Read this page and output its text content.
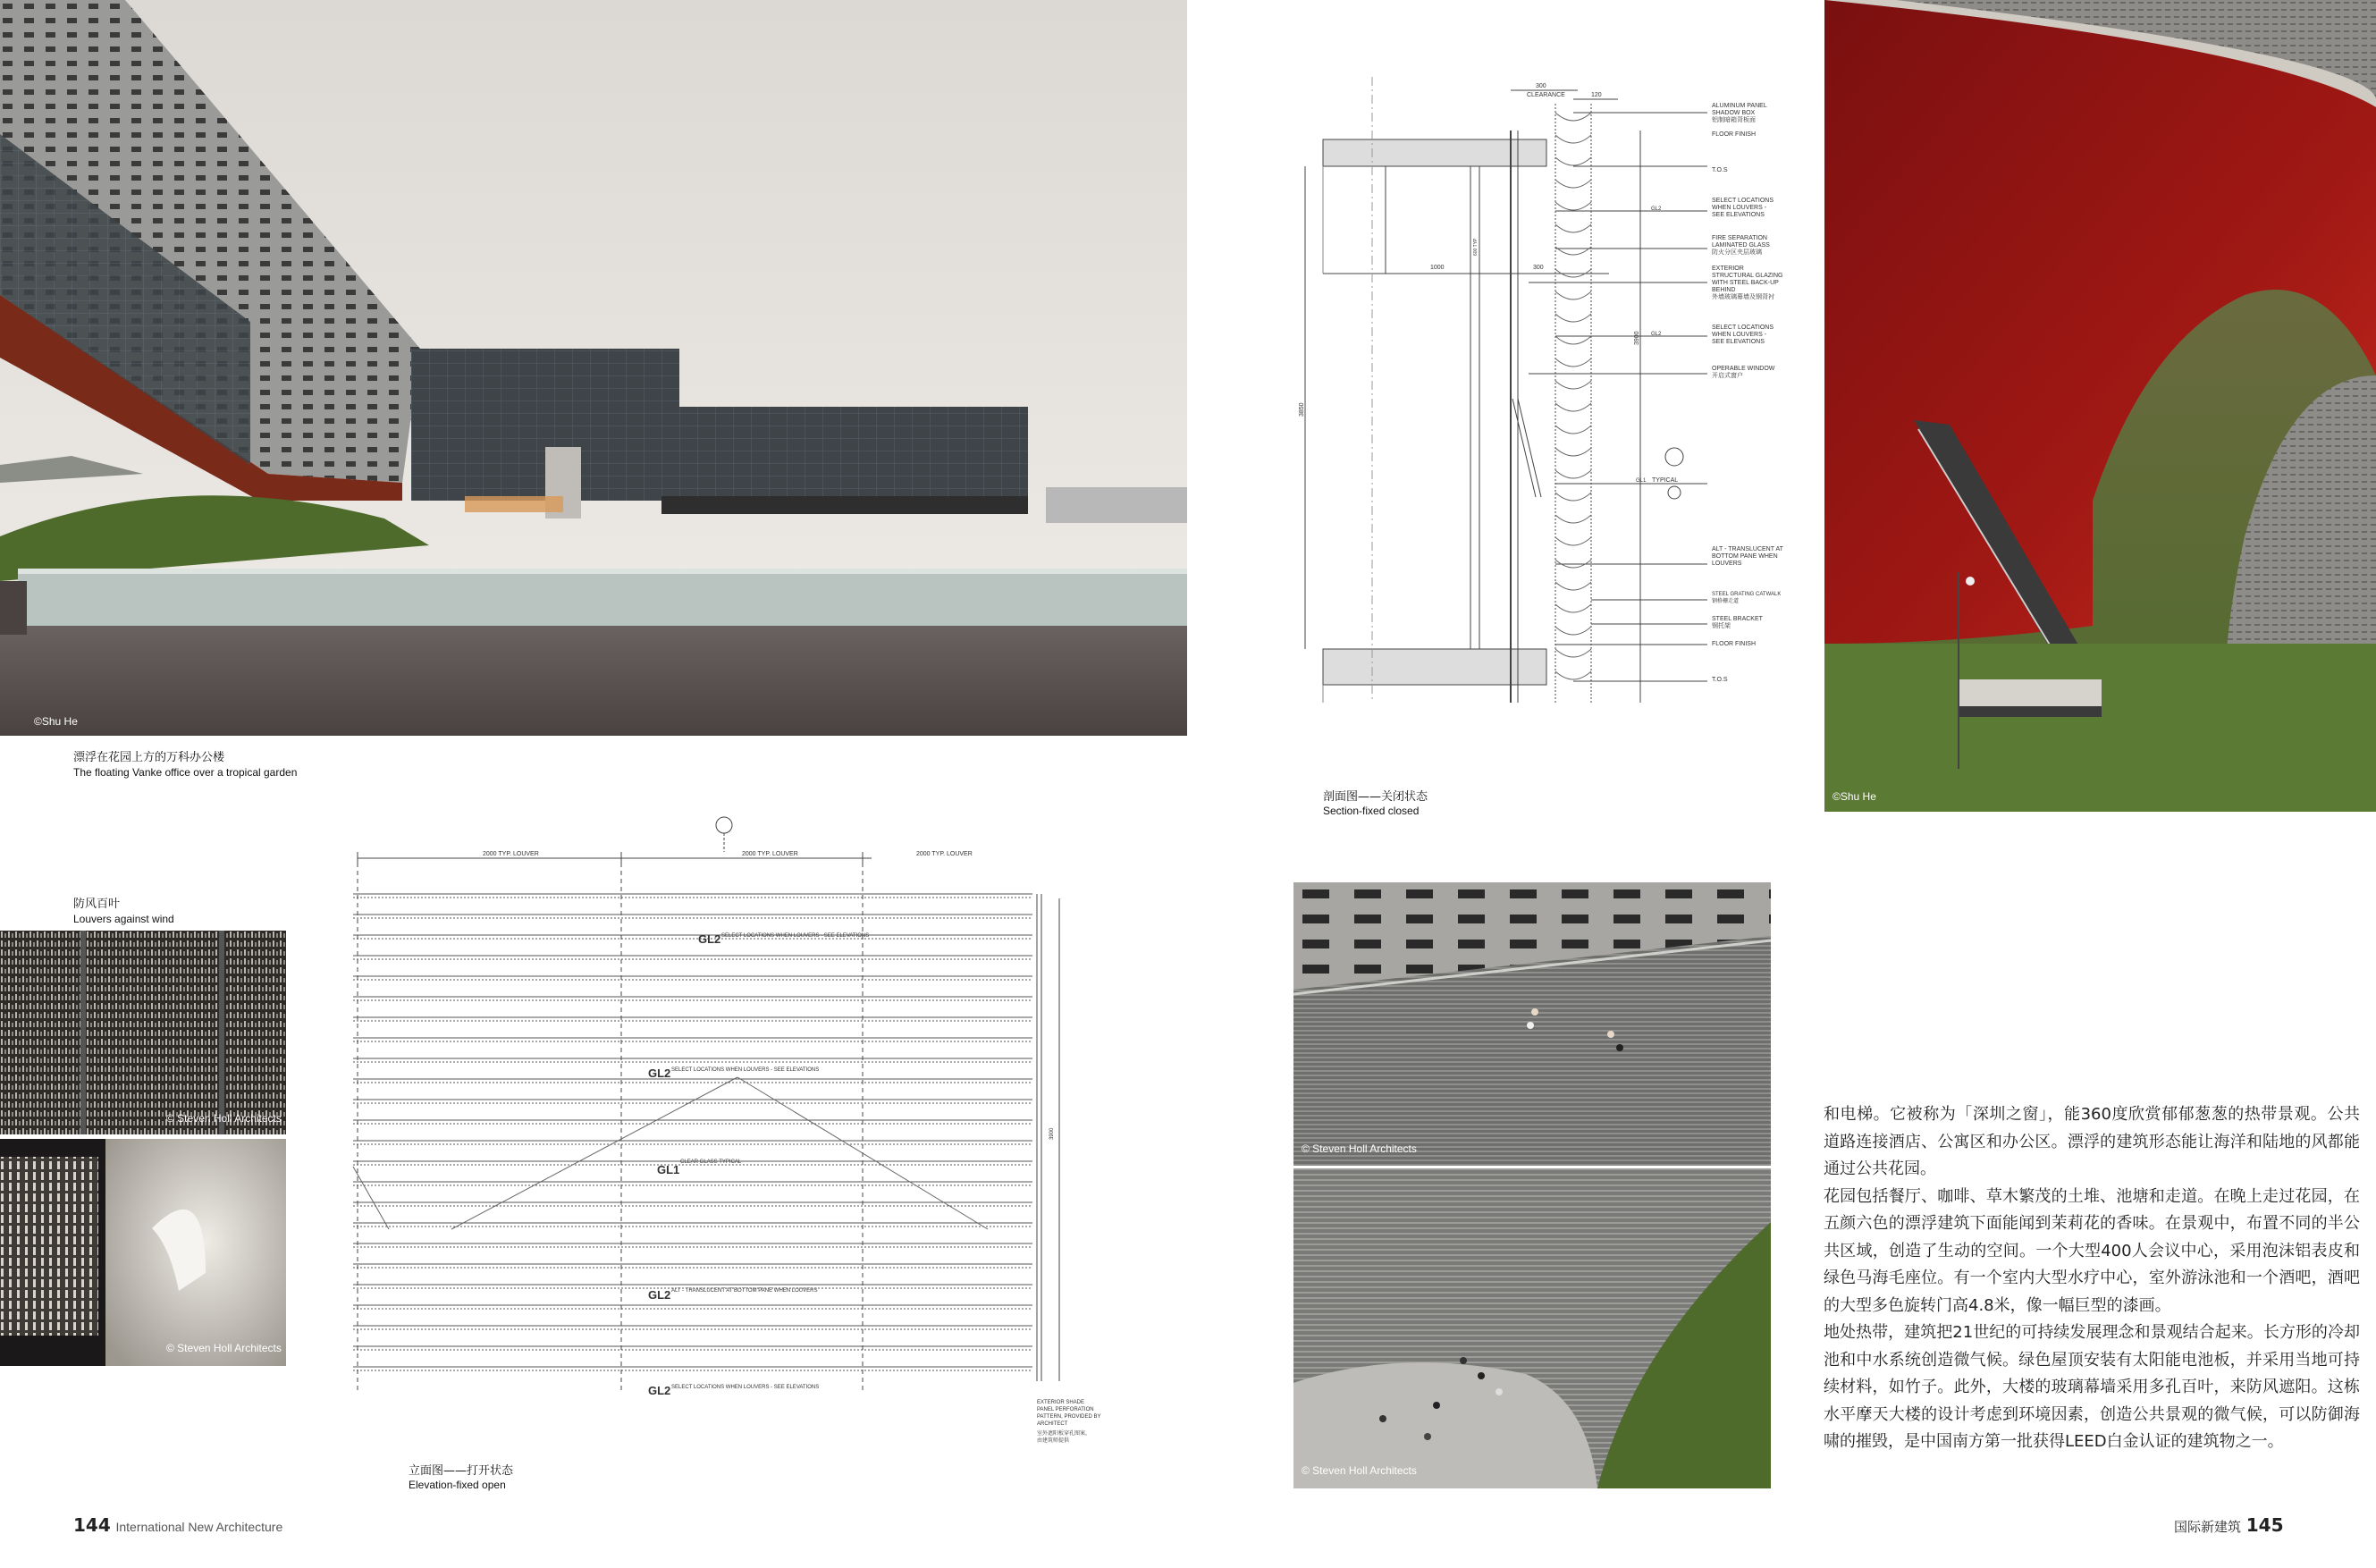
©Shu He
漂浮在花园上方的万科办公楼
The floating Vanke office over a tropical garden
防风百叶
Louvers against wind
© Steven Holl Architects
© Steven Holl Architects
2000 TYP. LOUVER	2000 TYP. LOUVER	2000 TYP. LOUVER
GL2 SELECT LOCATIONS WHEN LOUVERS - SEE ELEVATIONS
GL2 SELECT LOCATIONS WHEN LOUVERS - SEE ELEVATIONS
GL1
CLEAR GLASS TYPICAL
GL2 ALT - TRANSLUCENT AT BOTTOM PANE WHEN LOUVERS
GL2 SELECT LOCATIONS WHEN LOUVERS - SEE ELEVATIONS
EXTERIOR SHADE
PANEL PERFORATION
PATTERN, PROVIDED BY
ARCHITECT
室外遮阳板穿孔图案，
由建筑师提供
3900
立面图——打开状态
Elevation-fixed open
300
120
CLEARANCE
ALUMINUM PANEL
SHADOW BOX
铝制暗箱背板面
FLOOR FINISH
T.O.S
SELECT LOCATIONS
WHEN LOUVERS -
SEE ELEVATIONS
FIRE SEPARATION
LAMINATED GLASS
防火分区夹层玻璃
EXTERIOR
STRUCTURAL GLAZING
WITH STEEL BACK-UP
BEHIND
外墙玻璃幕墙及钢背衬
SELECT LOCATIONS
WHEN LOUVERS -
SEE ELEVATIONS
OPERABLE WINDOW
开启式窗户
GL1 TYPICAL
GL2
GL2
ALT - TRANSLUCENT AT
BOTTOM PANE WHEN
LOUVERS
STEEL GRATING CATWALK
钢格栅走道
STEEL BRACKET
钢托架
FLOOR FINISH
T.O.S
1000	300
3850
3900
600 TYP
剖面图——关闭状态
Section-fixed closed
©Shu He
© Steven Holl Architects
© Steven Holl Architects

和电梯。它被称为「深圳之窗」，能360度欣赏郁郁葱葱的热带景观。公共道路连接酒店、公寓区和办公区。漂浮的建筑形态能让海洋和陆地的风都能通过公共花园。

花园包括餐厅、咖啡、草木繁茂的土堆、池塘和走道。在晚上走过花园，在五颜六色的漂浮建筑下面能闻到茉莉花的香味。在景观中，布置不同的半公共区域，创造了生动的空间。一个大型400人会议中心，采用泡沫铝表皮和绿色马海毛座位。有一个室内大型水疗中心，室外游泳池和一个酒吧，酒吧的大型多色旋转门高4.8米，像一幅巨型的漆画。

地处热带，建筑把21世纪的可持续发展理念和景观结合起来。长方形的冷却池和中水系统创造微气候。绿色屋顶安装有太阳能电池板，并采用当地可持续材料，如竹子。此外，大楼的玻璃幕墙采用多孔百叶，来防风遮阳。这栋水平摩天大楼的设计考虑到环境因素，创造公共景观的微气候，可以防御海啸的摧毁，是中国南方第一批获得LEED白金认证的建筑物之一。

144 International New Architecture	国际新建筑 145
